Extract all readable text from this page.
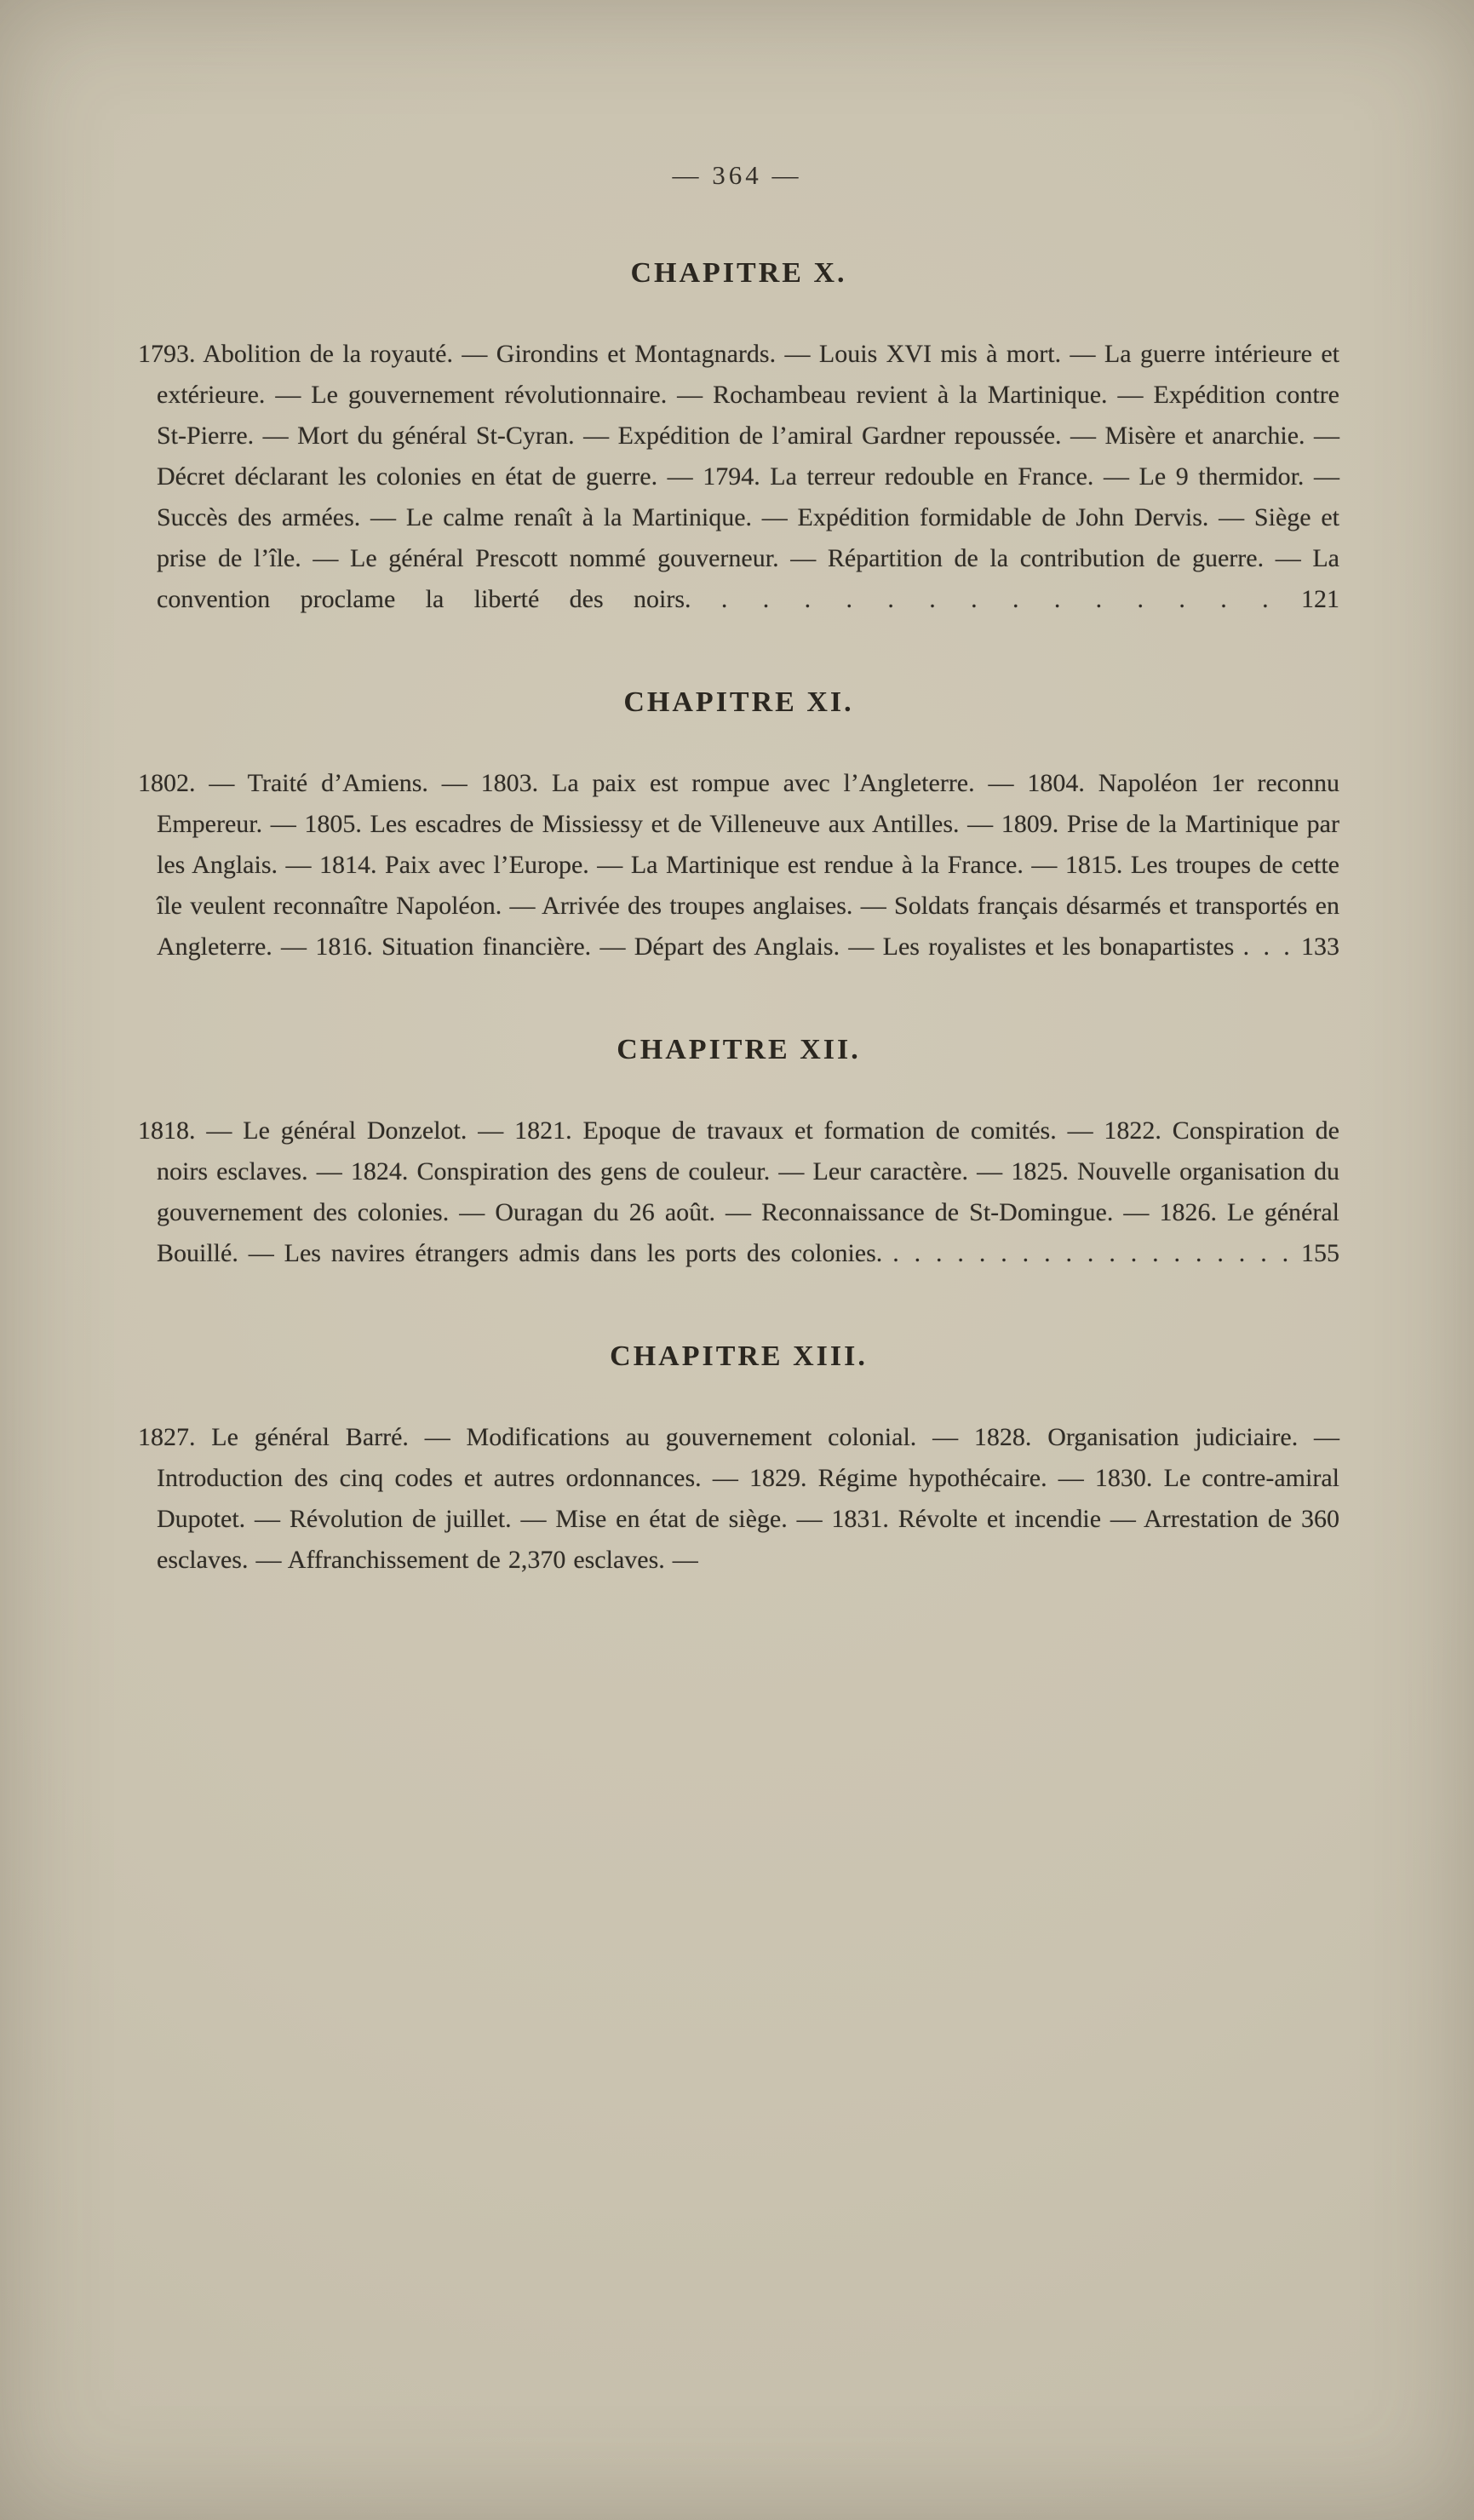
— 364 —
CHAPITRE X.

1793. Abolition de la royauté. — Girondins et Montagnards. — Louis XVI mis à mort. — La guerre intérieure et extérieure. — Le gouvernement révolutionnaire. — Rochambeau revient à la Martinique. — Expédition contre St-Pierre. — Mort du général St-Cyran. — Expédition de l’amiral Gardner repoussée. — Misère et anarchie. — Décret déclarant les colonies en état de guerre. — 1794. La terreur redouble en France. — Le 9 thermidor. — Succès des armées. — Le calme renaît à la Martinique. — Expédition formidable de John Dervis. — Siège et prise de l’île. — Le général Prescott nommé gouverneur. — Répartition de la contribution de guerre. — La convention proclame la liberté des noirs. . . . . . . . . . . . . . . 121

CHAPITRE XI.

1802. — Traité d’Amiens. — 1803. La paix est rompue avec l’Angleterre. — 1804. Napoléon 1er reconnu Empereur. — 1805. Les escadres de Missiessy et de Villeneuve aux Antilles. — 1809. Prise de la Martinique par les Anglais. — 1814. Paix avec l’Europe. — La Martinique est rendue à la France. — 1815. Les troupes de cette île veulent reconnaître Napoléon. — Arrivée des troupes anglaises. — Soldats français désarmés et transportés en Angleterre. — 1816. Situation financière. — Départ des Anglais. — Les royalistes et les bonapartistes . . . 133

CHAPITRE XII.

1818. — Le général Donzelot. — 1821. Epoque de travaux et formation de comités. — 1822. Conspiration de noirs esclaves. — 1824. Conspiration des gens de couleur. — Leur caractère. — 1825. Nouvelle organisation du gouvernement des colonies. — Ouragan du 26 août. — Reconnaissance de St-Domingue. — 1826. Le général Bouillé. — Les navires étrangers admis dans les ports des colonies. . . . . . . . . . . . . . . . . . . . 155

CHAPITRE XIII.

1827. Le général Barré. — Modifications au gouvernement colonial. — 1828. Organisation judiciaire. — Introduction des cinq codes et autres ordonnances. — 1829. Régime hypothécaire. — 1830. Le contre-amiral Dupotet. — Révolution de juillet. — Mise en état de siège. — 1831. Révolte et incendie — Arrestation de 360 esclaves. — Affranchissement de 2,370 esclaves. —
